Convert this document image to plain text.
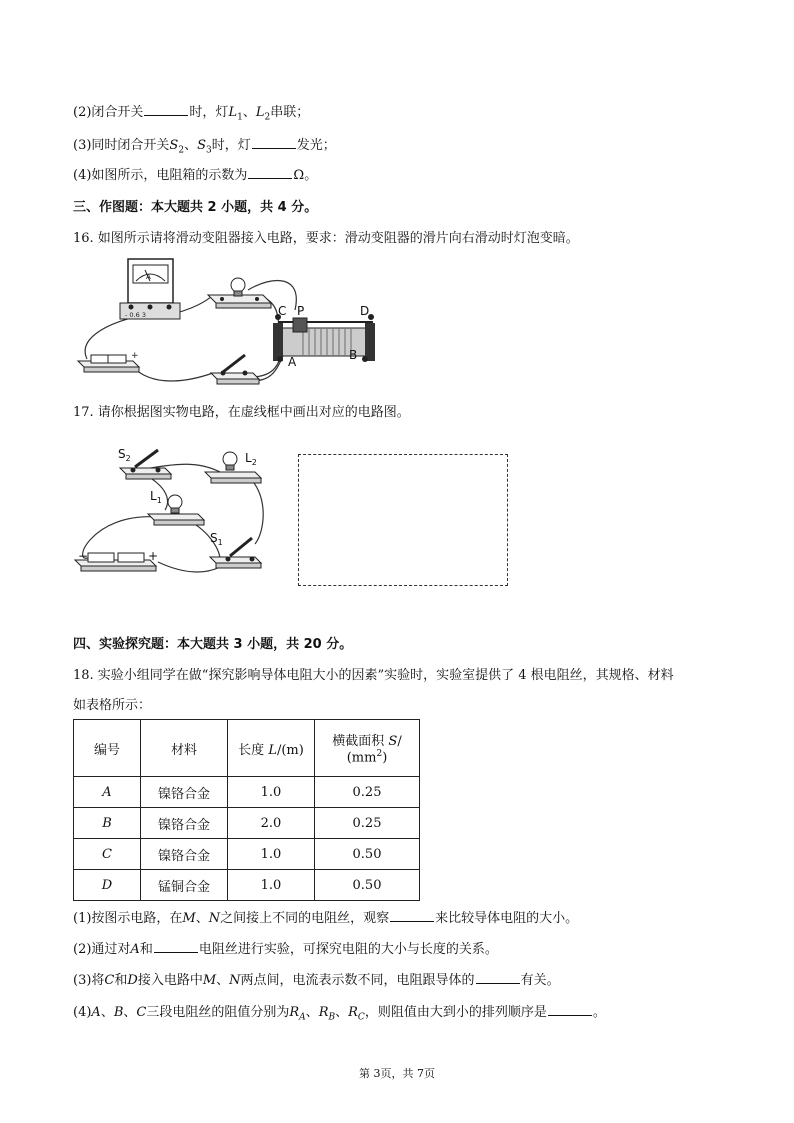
(2)闭合开关	时，灯$L_1$、$L_2$串联；
(3)同时闭合开关$S_2$、$S_3$时，灯	发光；
(4)如图所示，电阻箱的示数为	Ω。
三、作图题：本大题共 2 小题，共 4 分。
16. 如图所示请将滑动变阻器接入电路，要求：滑动变阻器的滑片向右滑动时灯泡变暗。
A
- 0.6 3
+
C P	D
A	B
17. 请你根据图实物电路，在虚线框中画出对应的电路图。
$S_2$	$L_2$
$L_1$
$S_1$
−	+
四、实验探究题：本大题共 3 小题，共 20 分。
18. 实验小组同学在做“探究影响导体电阻大小的因素”实验时，实验室提供了 4 根电阻丝，其规格、材料
如表格所示：
编号	材料	长度 L/(m)	横截面积 S/
$(mm^2)$
A	镍铬合金	1.0	0.25
B	镍铬合金	2.0	0.25
C	镍铬合金	1.0	0.50
D	锰铜合金	1.0	0.50
(1)按图示电路，在M、N之间接上不同的电阻丝，观察	来比较导体电阻的大小。
(2)通过对A和	电阻丝进行实验，可探究电阻的大小与长度的关系。
(3)将C和D接入电路中M、N两点间，电流表示数不同，电阻跟导体的	有关。
(4)A、B、C三段电阻丝的阻值分别为$R_A$、$R_B$、$R_C$，则阻值由大到小的排列顺序是	。
第 3页，共 7页
